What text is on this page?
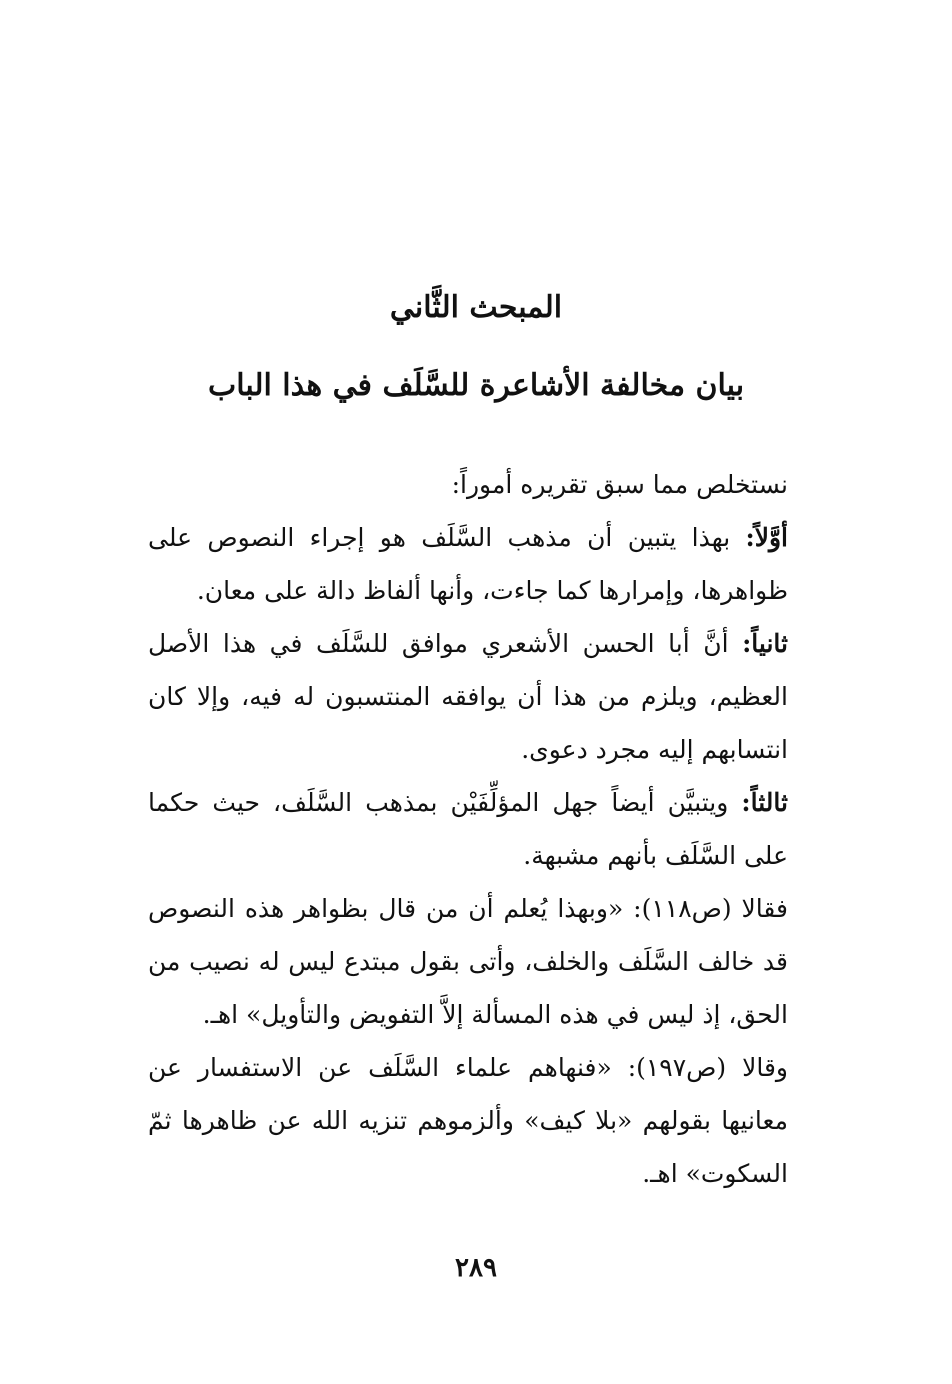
المبحث الثَّاني
بيان مخالفة الأشاعرة للسَّلَف في هذا الباب

نستخلص مما سبق تقريره أموراً:

أوَّلاً: بهذا يتبين أن مذهب السَّلَف هو إجراء النصوص على ظواهرها، وإمرارها كما جاءت، وأنها ألفاظ دالة على معان.

ثانياً: أنَّ أبا الحسن الأشعري موافق للسَّلَف في هذا الأصل العظيم، ويلزم من هذا أن يوافقه المنتسبون له فيه، وإلا كان انتسابهم إليه مجرد دعوى.

ثالثاً: ويتبيَّن أيضاً جهل المؤلِّفَيْن بمذهب السَّلَف، حيث حكما على السَّلَف بأنهم مشبهة.

فقالا (ص١١٨): «وبهذا يُعلم أن من قال بظواهر هذه النصوص قد خالف السَّلَف والخلف، وأتى بقول مبتدع ليس له نصيب من الحق، إذ ليس في هذه المسألة إلاَّ التفويض والتأويل» اهـ.

وقالا (ص١٩٧): «فنهاهم علماء السَّلَف عن الاستفسار عن معانيها بقولهم «بلا كيف» وألزموهم تنزيه الله عن ظاهرها ثمّ السكوت» اهـ.

٢٨٩
